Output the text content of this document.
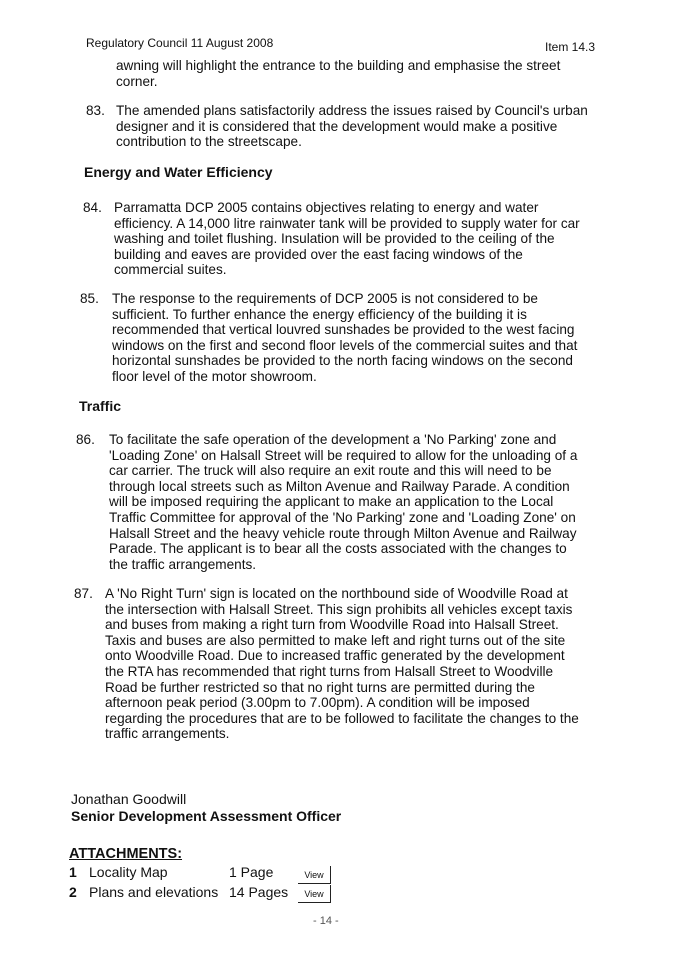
Regulatory Council 11 August 2008	Item 14.3
awning will highlight the entrance to the building and emphasise the street corner.
83. The amended plans satisfactorily address the issues raised by Council's urban designer and it is considered that the development would make a positive contribution to the streetscape.
Energy and Water Efficiency
84. Parramatta DCP 2005 contains objectives relating to energy and water efficiency. A 14,000 litre rainwater tank will be provided to supply water for car washing and toilet flushing. Insulation will be provided to the ceiling of the building and eaves are provided over the east facing windows of the commercial suites.
85. The response to the requirements of DCP 2005 is not considered to be sufficient. To further enhance the energy efficiency of the building it is recommended that vertical louvred sunshades be provided to the west facing windows on the first and second floor levels of the commercial suites and that horizontal sunshades be provided to the north facing windows on the second floor level of the motor showroom.
Traffic
86. To facilitate the safe operation of the development a 'No Parking' zone and 'Loading Zone' on Halsall Street will be required to allow for the unloading of a car carrier. The truck will also require an exit route and this will need to be through local streets such as Milton Avenue and Railway Parade. A condition will be imposed requiring the applicant to make an application to the Local Traffic Committee for approval of the 'No Parking' zone and 'Loading Zone' on Halsall Street and the heavy vehicle route through Milton Avenue and Railway Parade. The applicant is to bear all the costs associated with the changes to the traffic arrangements.
87. A 'No Right Turn' sign is located on the northbound side of Woodville Road at the intersection with Halsall Street. This sign prohibits all vehicles except taxis and buses from making a right turn from Woodville Road into Halsall Street. Taxis and buses are also permitted to make left and right turns out of the site onto Woodville Road. Due to increased traffic generated by the development the RTA has recommended that right turns from Halsall Street to Woodville Road be further restricted so that no right turns are permitted during the afternoon peak period (3.00pm to 7.00pm). A condition will be imposed regarding the procedures that are to be followed to facilitate the changes to the traffic arrangements.
Jonathan Goodwill
Senior Development Assessment Officer
ATTACHMENTS:
1 Locality Map	1 Page	View
2 Plans and elevations 14 Pages	View
- 14 -
